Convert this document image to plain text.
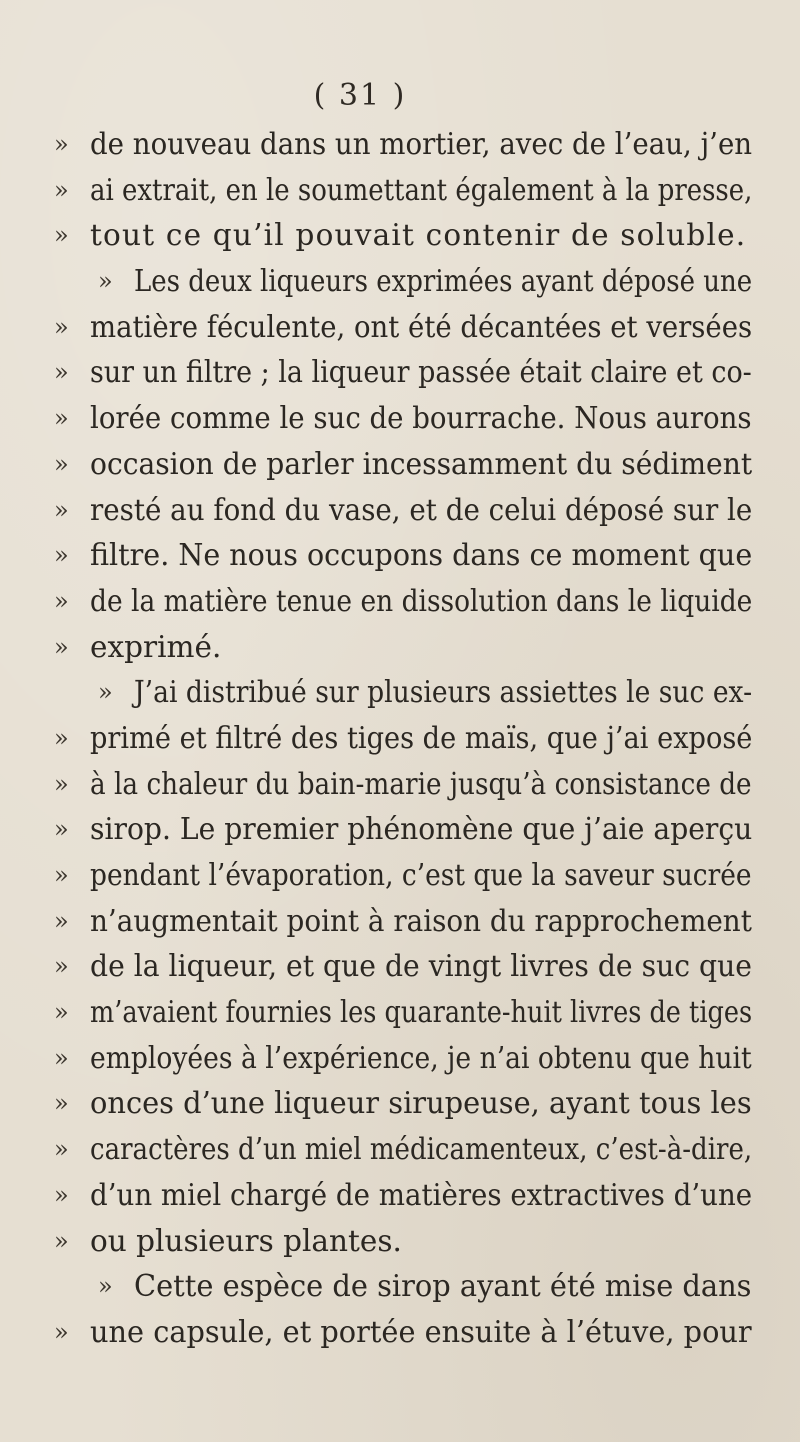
( 31 )
» de nouveau dans un mortier, avec de l’eau, j’en
» ai extrait, en le soumettant également à la presse,
» tout ce qu’il pouvait contenir de soluble.
» Les deux liqueurs exprimées ayant déposé une
» matière féculente, ont été décantées et versées
» sur un filtre ; la liqueur passée était claire et co-
» lorée comme le suc de bourrache. Nous aurons
» occasion de parler incessamment du sédiment
» resté au fond du vase, et de celui déposé sur le
» filtre. Ne nous occupons dans ce moment que
» de la matière tenue en dissolution dans le liquide
» exprimé.
» J’ai distribué sur plusieurs assiettes le suc ex-
» primé et filtré des tiges de maïs, que j’ai exposé
» à la chaleur du bain-marie jusqu’à consistance de
» sirop. Le premier phénomène que j’aie aperçu
» pendant l’évaporation, c’est que la saveur sucrée
» n’augmentait point à raison du rapprochement
» de la liqueur, et que de vingt livres de suc que
» m’avaient fournies les quarante-huit livres de tiges
» employées à l’expérience, je n’ai obtenu que huit
» onces d’une liqueur sirupeuse, ayant tous les
» caractères d’un miel médicamenteux, c’est-à-dire,
» d’un miel chargé de matières extractives d’une
» ou plusieurs plantes.
» Cette espèce de sirop ayant été mise dans
» une capsule, et portée ensuite à l’étuve, pour
